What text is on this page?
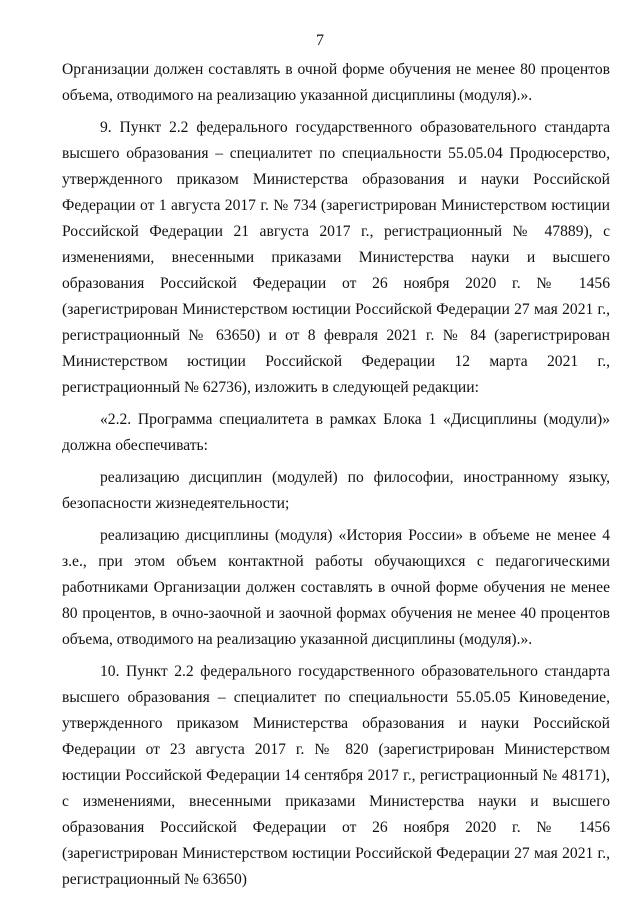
7

Организации должен составлять в очной форме обучения не менее 80 процентов объема, отводимого на реализацию указанной дисциплины (модуля).».

9. Пункт 2.2 федерального государственного образовательного стандарта высшего образования – специалитет по специальности 55.05.04 Продюсерство, утвержденного приказом Министерства образования и науки Российской Федерации от 1 августа 2017 г. № 734 (зарегистрирован Министерством юстиции Российской Федерации 21 августа 2017 г., регистрационный № 47889), с изменениями, внесенными приказами Министерства науки и высшего образования Российской Федерации от 26 ноября 2020 г. № 1456 (зарегистрирован Министерством юстиции Российской Федерации 27 мая 2021 г., регистрационный № 63650) и от 8 февраля 2021 г. № 84 (зарегистрирован Министерством юстиции Российской Федерации 12 марта 2021 г., регистрационный № 62736), изложить в следующей редакции:

«2.2. Программа специалитета в рамках Блока 1 «Дисциплины (модули)» должна обеспечивать:

реализацию дисциплин (модулей) по философии, иностранному языку, безопасности жизнедеятельности;

реализацию дисциплины (модуля) «История России» в объеме не менее 4 з.е., при этом объем контактной работы обучающихся с педагогическими работниками Организации должен составлять в очной форме обучения не менее 80 процентов, в очно-заочной и заочной формах обучения не менее 40 процентов объема, отводимого на реализацию указанной дисциплины (модуля).».

10. Пункт 2.2 федерального государственного образовательного стандарта высшего образования – специалитет по специальности 55.05.05 Киноведение, утвержденного приказом Министерства образования и науки Российской Федерации от 23 августа 2017 г. № 820 (зарегистрирован Министерством юстиции Российской Федерации 14 сентября 2017 г., регистрационный № 48171), с изменениями, внесенными приказами Министерства науки и высшего образования Российской Федерации от 26 ноября 2020 г. № 1456 (зарегистрирован Министерством юстиции Российской Федерации 27 мая 2021 г., регистрационный № 63650)
